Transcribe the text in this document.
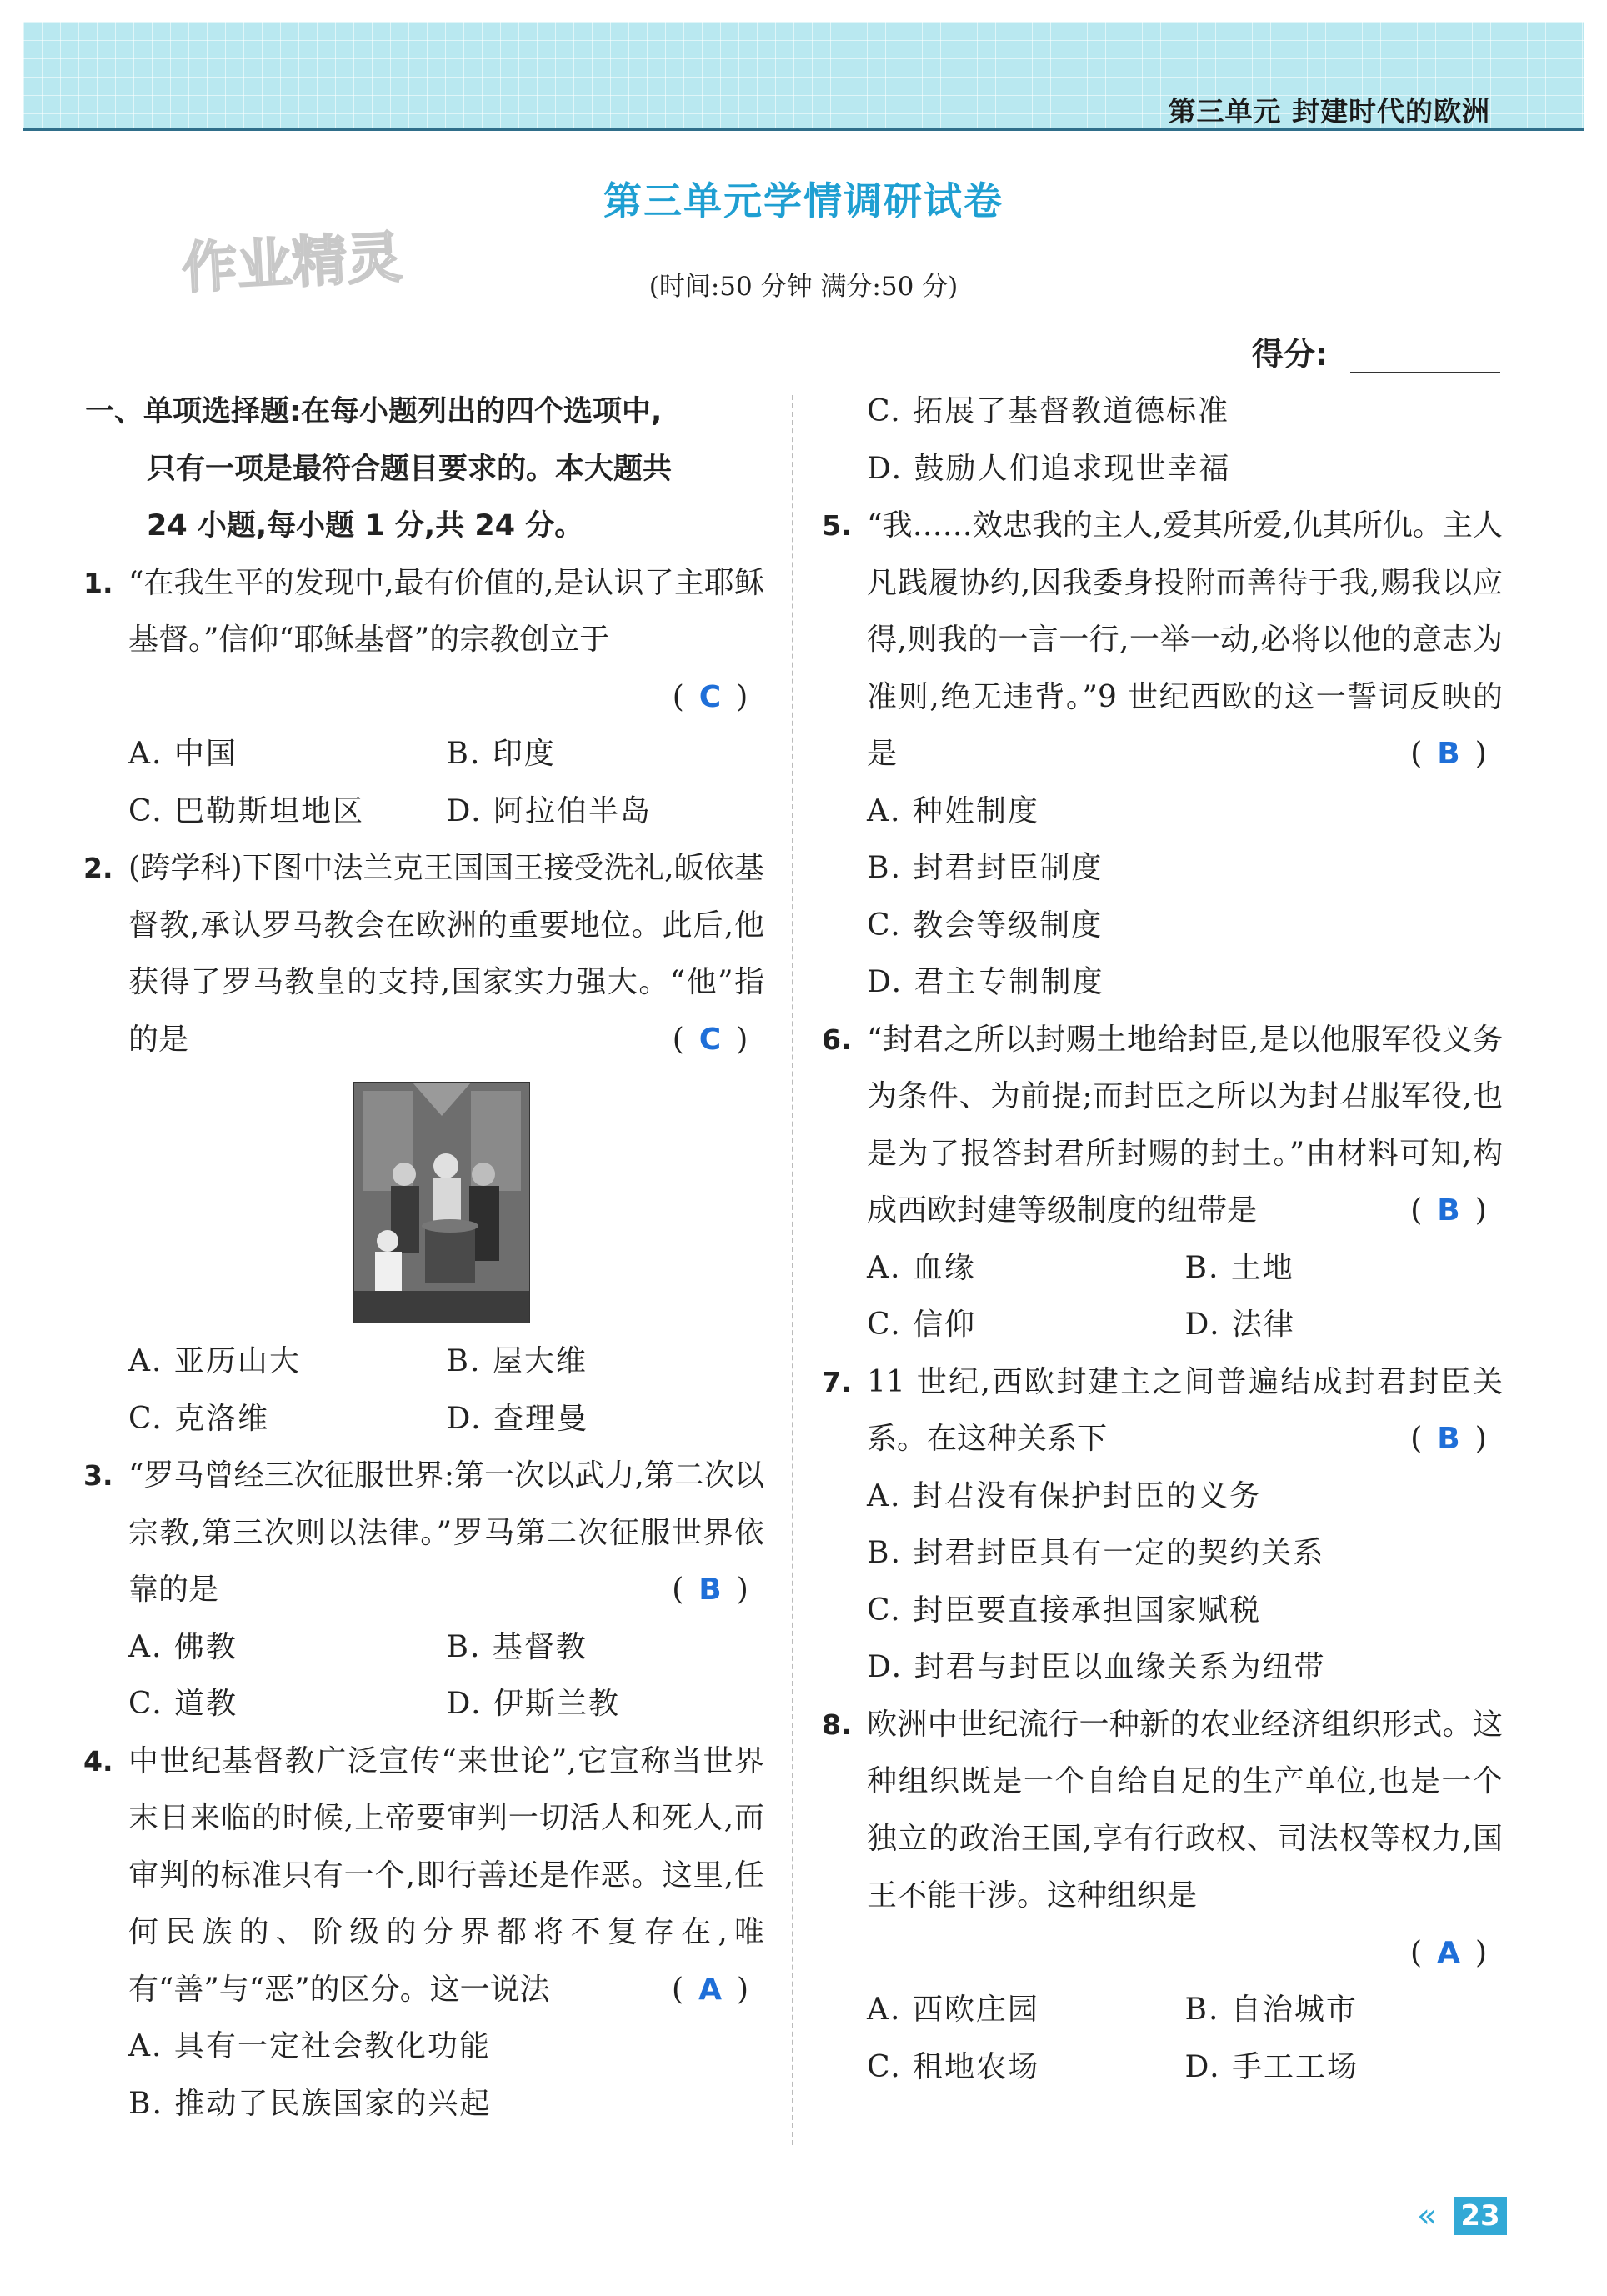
第三单元 封建时代的欧洲
作业精灵
第三单元学情调研试卷
(时间:50 分钟 满分:50 分)
得分:
一、单项选择题:在每小题列出的四个选项中,
只有一项是最符合题目要求的。本大题共
24 小题,每小题 1 分,共 24 分。
1. “在我生平的发现中,最有价值的,是认识了主耶稣基督。”信仰“耶稣基督”的宗教创立于
( C )
A. 中国	B. 印度
C. 巴勒斯坦地区	D. 阿拉伯半岛
2. (跨学科)下图中法兰克王国国王接受洗礼,皈依基督教,承认罗马教会在欧洲的重要地位。此后,他获得了罗马教皇的支持,国家实力强大。“他”指的是	( C )
A. 亚历山大	B. 屋大维
C. 克洛维	D. 查理曼
3. “罗马曾经三次征服世界:第一次以武力,第二次以宗教,第三次则以法律。”罗马第二次征服世界依靠的是	( B )
A. 佛教	B. 基督教
C. 道教	D. 伊斯兰教
4. 中世纪基督教广泛宣传“来世论”,它宣称当世界末日来临的时候,上帝要审判一切活人和死人,而审判的标准只有一个,即行善还是作恶。这里,任何民族的、阶级的分界都将不复存在,唯有“善”与“恶”的区分。这一说法	( A )
A. 具有一定社会教化功能
B. 推动了民族国家的兴起
C. 拓展了基督教道德标准
D. 鼓励人们追求现世幸福
5. “我……效忠我的主人,爱其所爱,仇其所仇。主人凡践履协约,因我委身投附而善待于我,赐我以应得,则我的一言一行,一举一动,必将以他的意志为准则,绝无违背。”9 世纪西欧的这一誓词反映的是	( B )
A. 种姓制度
B. 封君封臣制度
C. 教会等级制度
D. 君主专制制度
6. “封君之所以封赐土地给封臣,是以他服军役义务为条件、为前提;而封臣之所以为封君服军役,也是为了报答封君所封赐的封土。”由材料可知,构成西欧封建等级制度的纽带是	( B )
A. 血缘	B. 土地
C. 信仰	D. 法律
7. 11 世纪,西欧封建主之间普遍结成封君封臣关系。在这种关系下	( B )
A. 封君没有保护封臣的义务
B. 封君封臣具有一定的契约关系
C. 封臣要直接承担国家赋税
D. 封君与封臣以血缘关系为纽带
8. 欧洲中世纪流行一种新的农业经济组织形式。这种组织既是一个自给自足的生产单位,也是一个独立的政治王国,享有行政权、司法权等权力,国王不能干涉。这种组织是
( A )
A. 西欧庄园	B. 自治城市
C. 租地农场	D. 手工工场
« 23
